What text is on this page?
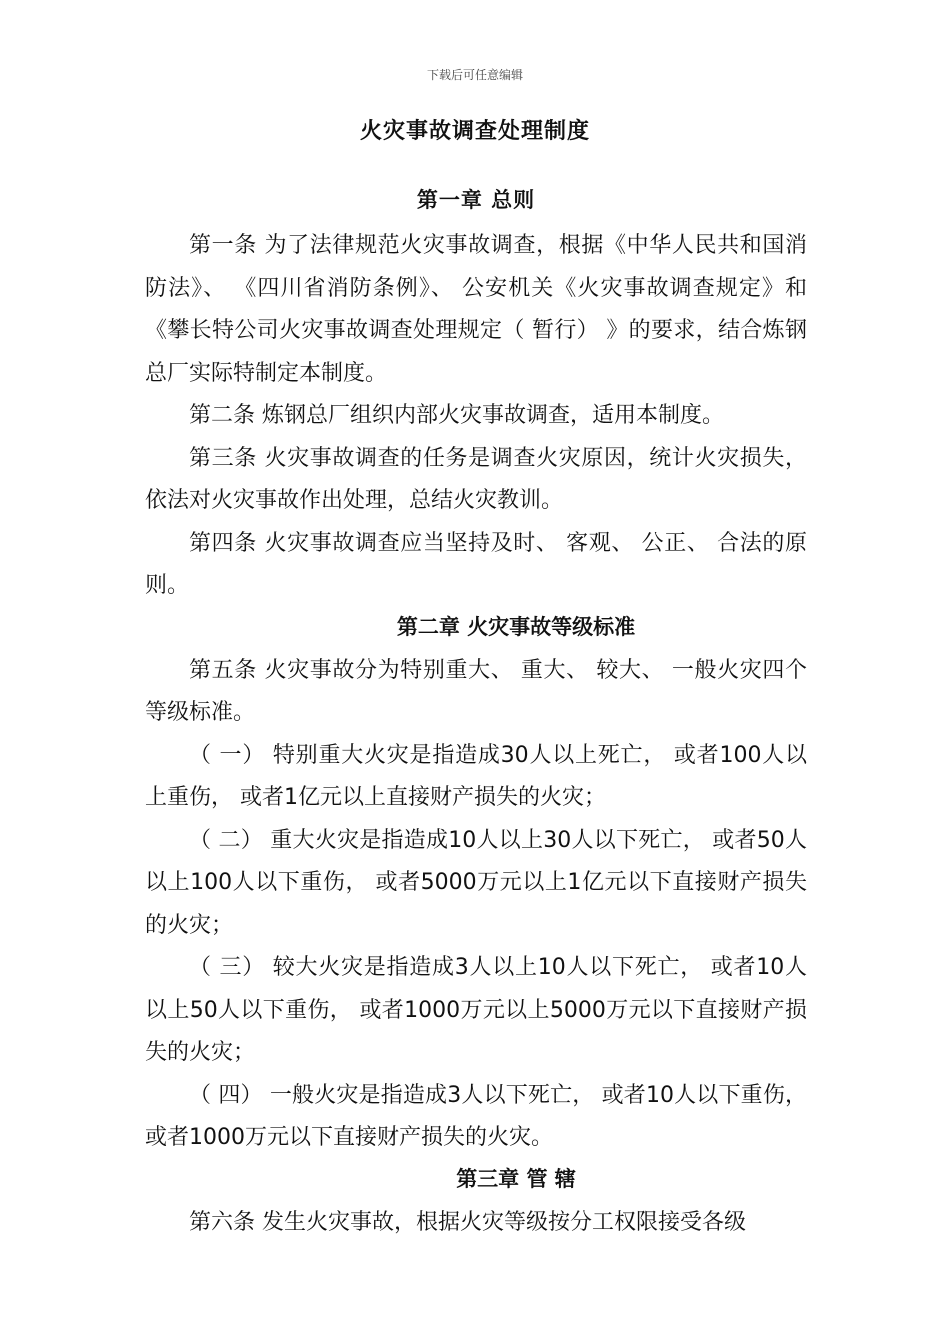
下载后可任意编辑
火灾事故调查处理制度
第一章 总则

第一条 为了法律规范火灾事故调查，根据《中华人民共和国消防法》、 《四川省消防条例》、 公安机关《火灾事故调查规定》和《攀长特公司火灾事故调查处理规定（ 暂行） 》的要求，结合炼钢总厂实际特制定本制度。

第二条 炼钢总厂组织内部火灾事故调查，适用本制度。

第三条 火灾事故调查的任务是调查火灾原因，统计火灾损失，依法对火灾事故作出处理，总结火灾教训。

第四条 火灾事故调查应当坚持及时、 客观、 公正、 合法的原则。

第二章 火灾事故等级标准

第五条 火灾事故分为特别重大、 重大、 较大、 一般火灾四个等级标准。

（ 一） 特别重大火灾是指造成30人以上死亡， 或者100人以上重伤， 或者1亿元以上直接财产损失的火灾；

（ 二） 重大火灾是指造成10人以上30人以下死亡， 或者50人以上100人以下重伤， 或者5000万元以上1亿元以下直接财产损失的火灾；

（ 三） 较大火灾是指造成3人以上10人以下死亡， 或者10人以上50人以下重伤， 或者1000万元以上5000万元以下直接财产损失的火灾；

（ 四） 一般火灾是指造成3人以下死亡， 或者10人以下重伤， 或者1000万元以下直接财产损失的火灾。

第三章 管 辖

第六条 发生火灾事故，根据火灾等级按分工权限接受各级
